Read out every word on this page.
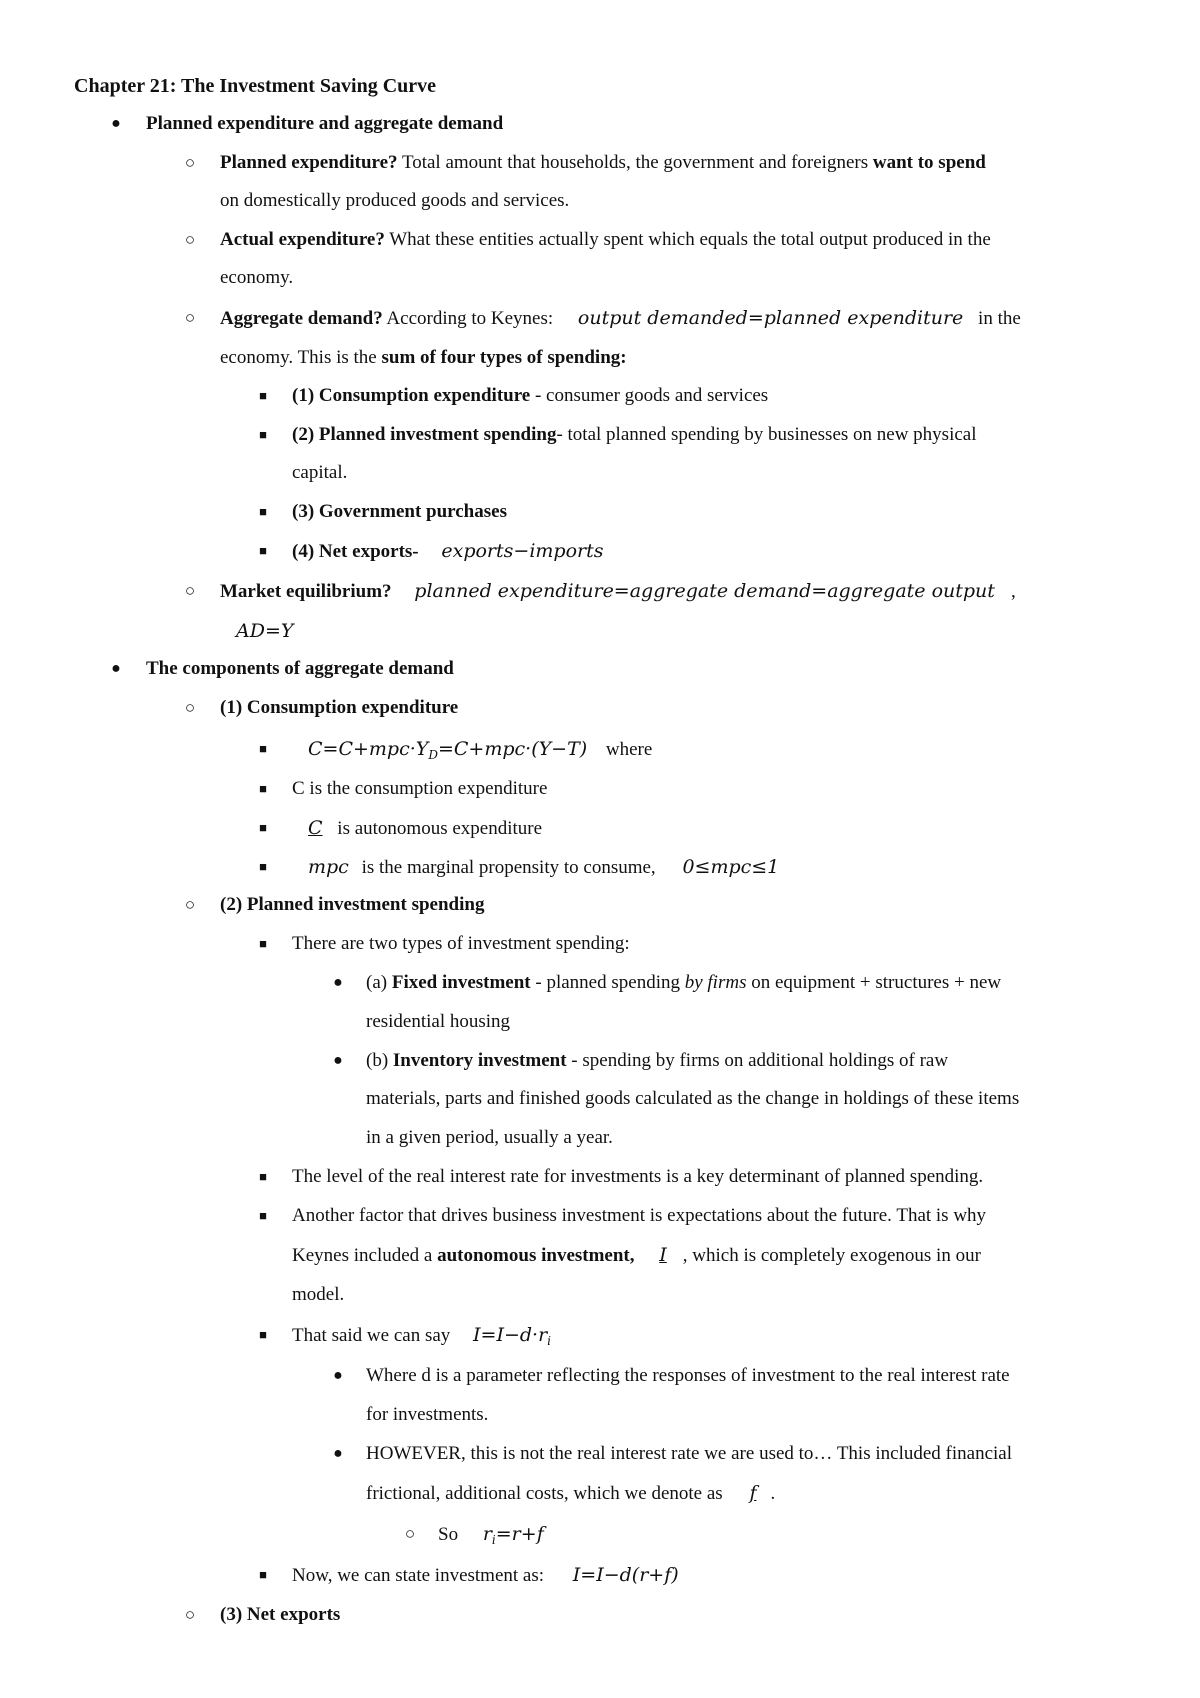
Chapter 21: The Investment Saving Curve
●	Planned expenditure and aggregate demand
○	Planned expenditure? Total amount that households, the government and foreigners want to spend
on domestically produced goods and services.
○	Actual expenditure? What these entities actually spent which equals the total output produced in the
economy.
○	Aggregate demand? According to Keynes: output demanded=planned expenditure in the
economy. This is the sum of four types of spending:
■	(1) Consumption expenditure - consumer goods and services
■	(2) Planned investment spending- total planned spending by businesses on new physical
capital.
■	(3) Government purchases
■	(4) Net exports- exports−imports
○	Market equilibrium? planned expenditure=aggregate demand=aggregate output ,
AD=Y
●	The components of aggregate demand
○	(1) Consumption expenditure
■	$C=C+mpc\cdot Y_D=C+mpc\cdot(Y-T)$ where
■	C is the consumption expenditure
■	C is autonomous expenditure
■	mpc is the marginal propensity to consume, 0≤mpc≤1
○	(2) Planned investment spending
■	There are two types of investment spending:
●	(a) Fixed investment - planned spending by firms on equipment + structures + new
residential housing
●	(b) Inventory investment - spending by firms on additional holdings of raw
materials, parts and finished goods calculated as the change in holdings of these items
in a given period, usually a year.
■	The level of the real interest rate for investments is a key determinant of planned spending.
■	Another factor that drives business investment is expectations about the future. That is why
Keynes included a autonomous investment, I , which is completely exogenous in our
model.
■	That said we can say $I=I-d\cdot r_i$
●	Where d is a parameter reflecting the responses of investment to the real interest rate
for investments.
●	HOWEVER, this is not the real interest rate we are used to… This included financial
frictional, additional costs, which we denote as f .
○	So $r_i=r+f$
■	Now, we can state investment as: I=I−d(r+f)
○	(3) Net exports
